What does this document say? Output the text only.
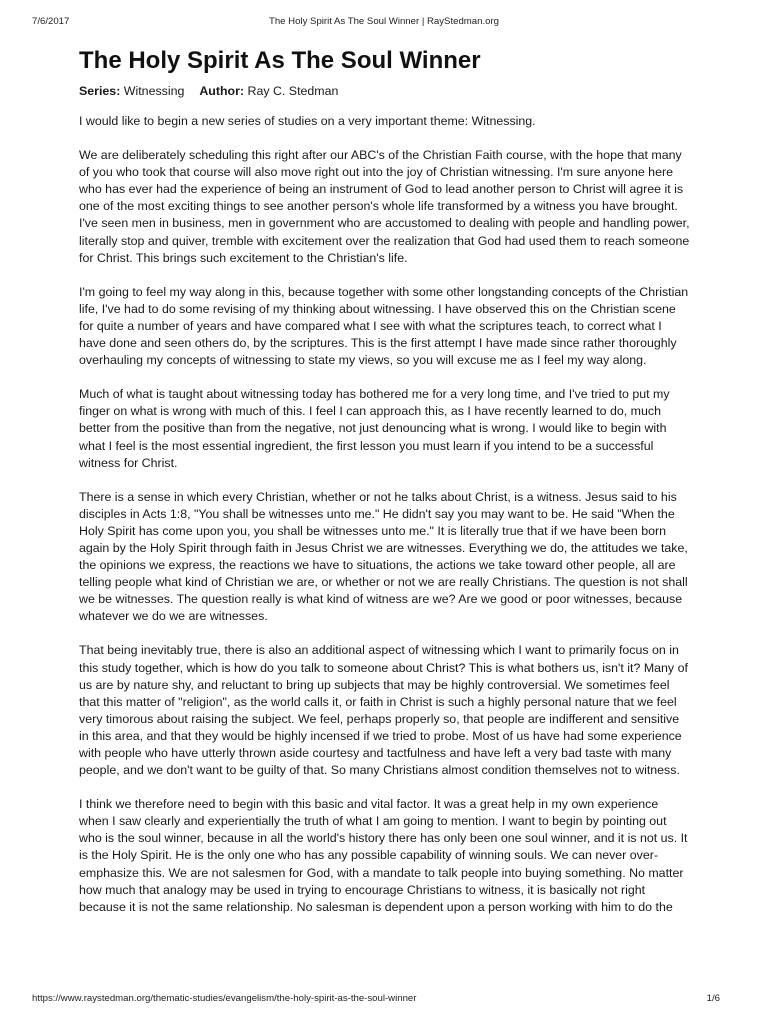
7/6/2017	The Holy Spirit As The Soul Winner | RayStedman.org
The Holy Spirit As The Soul Winner
Series: Witnessing Author: Ray C. Stedman

I would like to begin a new series of studies on a very important theme: Witnessing.

We are deliberately scheduling this right after our ABC's of the Christian Faith course, with the hope that many of you who took that course will also move right out into the joy of Christian witnessing. I'm sure anyone here who has ever had the experience of being an instrument of God to lead another person to Christ will agree it is one of the most exciting things to see another person's whole life transformed by a witness you have brought. I've seen men in business, men in government who are accustomed to dealing with people and handling power, literally stop and quiver, tremble with excitement over the realization that God had used them to reach someone for Christ. This brings such excitement to the Christian's life.

I'm going to feel my way along in this, because together with some other longstanding concepts of the Christian life, I've had to do some revising of my thinking about witnessing. I have observed this on the Christian scene for quite a number of years and have compared what I see with what the scriptures teach, to correct what I have done and seen others do, by the scriptures. This is the first attempt I have made since rather thoroughly overhauling my concepts of witnessing to state my views, so you will excuse me as I feel my way along.

Much of what is taught about witnessing today has bothered me for a very long time, and I've tried to put my finger on what is wrong with much of this. I feel I can approach this, as I have recently learned to do, much better from the positive than from the negative, not just denouncing what is wrong. I would like to begin with what I feel is the most essential ingredient, the first lesson you must learn if you intend to be a successful witness for Christ.

There is a sense in which every Christian, whether or not he talks about Christ, is a witness. Jesus said to his disciples in Acts 1:8, "You shall be witnesses unto me." He didn't say you may want to be. He said "When the Holy Spirit has come upon you, you shall be witnesses unto me." It is literally true that if we have been born again by the Holy Spirit through faith in Jesus Christ we are witnesses. Everything we do, the attitudes we take, the opinions we express, the reactions we have to situations, the actions we take toward other people, all are telling people what kind of Christian we are, or whether or not we are really Christians. The question is not shall we be witnesses. The question really is what kind of witness are we? Are we good or poor witnesses, because whatever we do we are witnesses.

That being inevitably true, there is also an additional aspect of witnessing which I want to primarily focus on in this study together, which is how do you talk to someone about Christ? This is what bothers us, isn't it? Many of us are by nature shy, and reluctant to bring up subjects that may be highly controversial. We sometimes feel that this matter of "religion", as the world calls it, or faith in Christ is such a highly personal nature that we feel very timorous about raising the subject. We feel, perhaps properly so, that people are indifferent and sensitive in this area, and that they would be highly incensed if we tried to probe. Most of us have had some experience with people who have utterly thrown aside courtesy and tactfulness and have left a very bad taste with many people, and we don't want to be guilty of that. So many Christians almost condition themselves not to witness.

I think we therefore need to begin with this basic and vital factor. It was a great help in my own experience when I saw clearly and experientially the truth of what I am going to mention. I want to begin by pointing out who is the soul winner, because in all the world's history there has only been one soul winner, and it is not us. It is the Holy Spirit. He is the only one who has any possible capability of winning souls. We can never over-emphasize this. We are not salesmen for God, with a mandate to talk people into buying something. No matter how much that analogy may be used in trying to encourage Christians to witness, it is basically not right because it is not the same relationship. No salesman is dependent upon a person working with him to do the

https://www.raystedman.org/thematic-studies/evangelism/the-holy-spirit-as-the-soul-winner	1/6
